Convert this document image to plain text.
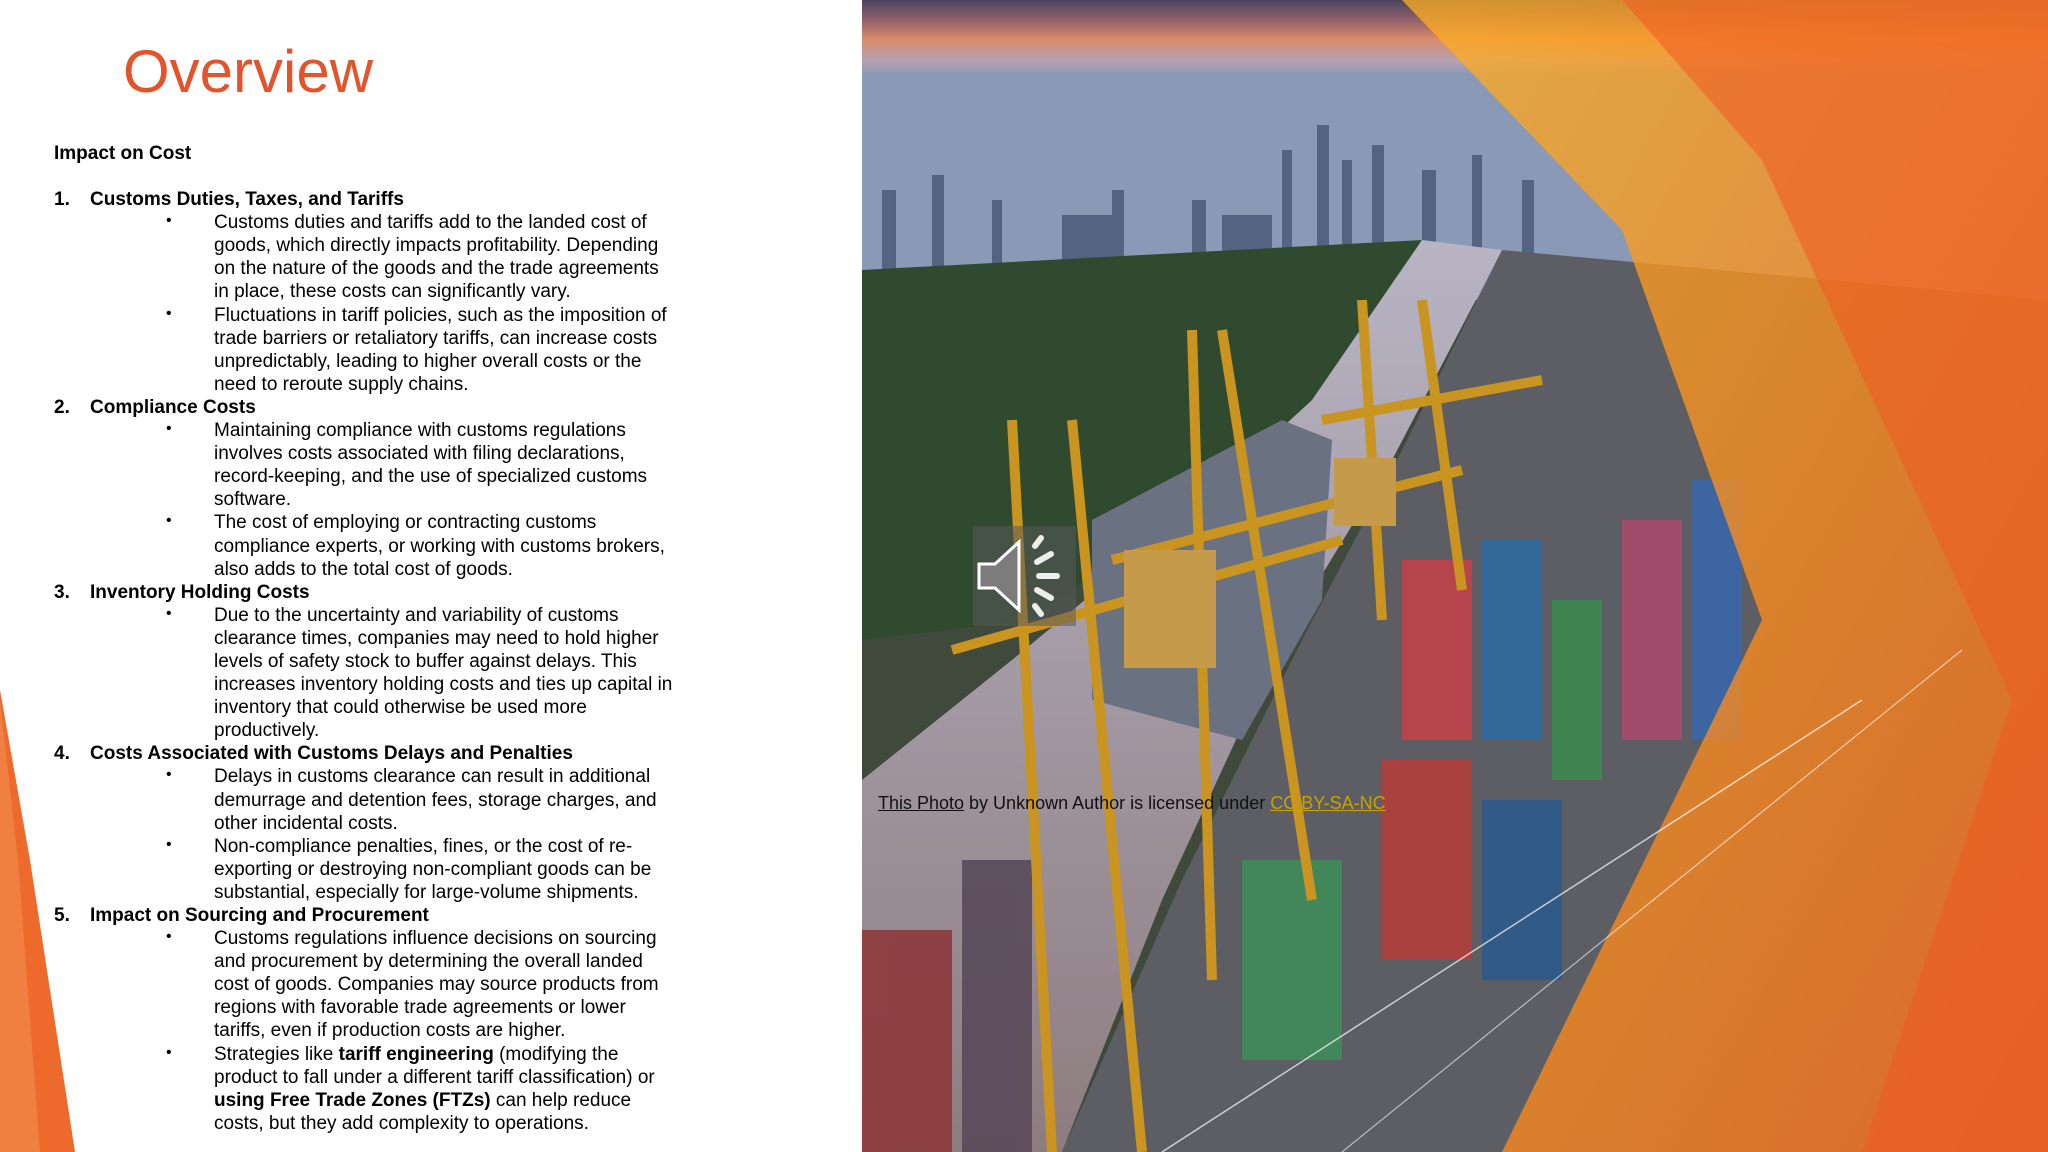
Overview
Impact on Cost
1. Customs Duties, Taxes, and Tariffs
• Customs duties and tariffs add to the landed cost of goods, which directly impacts profitability. Depending on the nature of the goods and the trade agreements in place, these costs can significantly vary.
• Fluctuations in tariff policies, such as the imposition of trade barriers or retaliatory tariffs, can increase costs unpredictably, leading to higher overall costs or the need to reroute supply chains.
2. Compliance Costs
• Maintaining compliance with customs regulations involves costs associated with filing declarations, record-keeping, and the use of specialized customs software.
• The cost of employing or contracting customs compliance experts, or working with customs brokers, also adds to the total cost of goods.
3. Inventory Holding Costs
• Due to the uncertainty and variability of customs clearance times, companies may need to hold higher levels of safety stock to buffer against delays. This increases inventory holding costs and ties up capital in inventory that could otherwise be used more productively.
4. Costs Associated with Customs Delays and Penalties
• Delays in customs clearance can result in additional demurrage and detention fees, storage charges, and other incidental costs.
• Non-compliance penalties, fines, or the cost of re-exporting or destroying non-compliant goods can be substantial, especially for large-volume shipments.
5. Impact on Sourcing and Procurement
• Customs regulations influence decisions on sourcing and procurement by determining the overall landed cost of goods. Companies may source products from regions with favorable trade agreements or lower tariffs, even if production costs are higher.
• Strategies like tariff engineering (modifying the product to fall under a different tariff classification) or using Free Trade Zones (FTZs) can help reduce costs, but they add complexity to operations.
This Photo by Unknown Author is licensed under CC BY-SA-NC
